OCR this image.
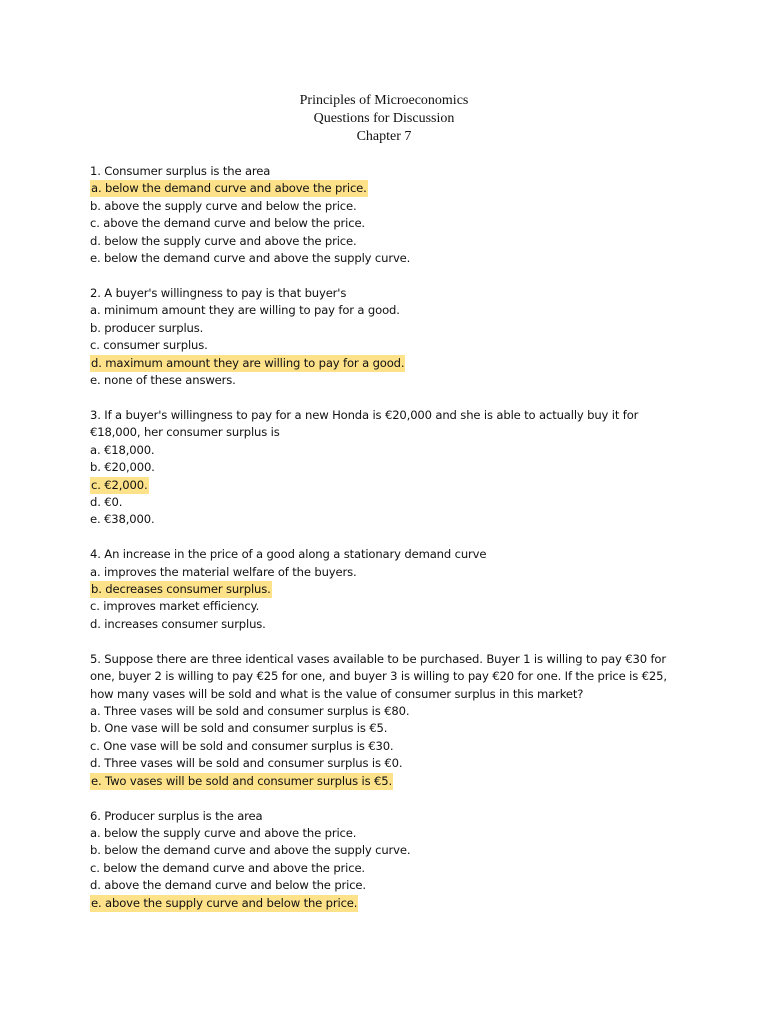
Principles of Microeconomics
Questions for Discussion
Chapter 7
1. Consumer surplus is the area
a. below the demand curve and above the price.
b. above the supply curve and below the price.
c. above the demand curve and below the price.
d. below the supply curve and above the price.
e. below the demand curve and above the supply curve.
2. A buyer's willingness to pay is that buyer's
a. minimum amount they are willing to pay for a good.
b. producer surplus.
c. consumer surplus.
d. maximum amount they are willing to pay for a good.
e. none of these answers.
3. If a buyer's willingness to pay for a new Honda is €20,000 and she is able to actually buy it for
€18,000, her consumer surplus is
a. €18,000.
b. €20,000.
c. €2,000.
d. €0.
e. €38,000.
4. An increase in the price of a good along a stationary demand curve
a. improves the material welfare of the buyers.
b. decreases consumer surplus.
c. improves market efficiency.
d. increases consumer surplus.
5. Suppose there are three identical vases available to be purchased. Buyer 1 is willing to pay €30 for
one, buyer 2 is willing to pay €25 for one, and buyer 3 is willing to pay €20 for one. If the price is €25,
how many vases will be sold and what is the value of consumer surplus in this market?
a. Three vases will be sold and consumer surplus is €80.
b. One vase will be sold and consumer surplus is €5.
c. One vase will be sold and consumer surplus is €30.
d. Three vases will be sold and consumer surplus is €0.
e. Two vases will be sold and consumer surplus is €5.
6. Producer surplus is the area
a. below the supply curve and above the price.
b. below the demand curve and above the supply curve.
c. below the demand curve and above the price.
d. above the demand curve and below the price.
e. above the supply curve and below the price.
